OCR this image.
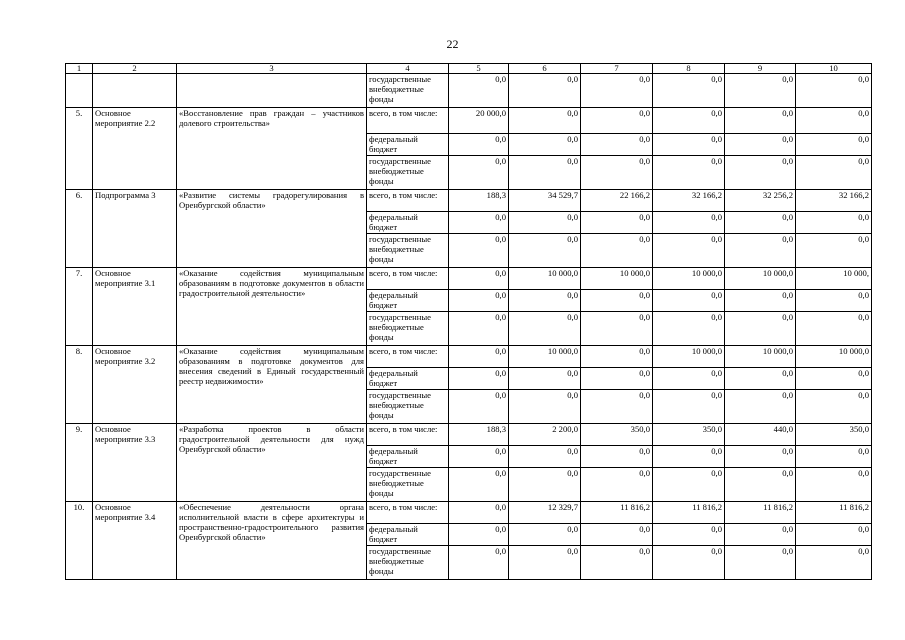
22
1	2	3	4	5	6	7	8	9	10
			государственные внебюджетные фонды	0,0	0,0	0,0	0,0	0,0	0,0
5.	Основное мероприятие 2.2	«Восстановление прав граждан – участников долевого строительства»	всего, в том числе:	20 000,0	0,0	0,0	0,0	0,0	0,0
			федеральный бюджет	0,0	0,0	0,0	0,0	0,0	0,0
			государственные внебюджетные фонды	0,0	0,0	0,0	0,0	0,0	0,0
6.	Подпрограмма 3	«Развитие системы градорегулирования в Оренбургской области»	всего, в том числе:	188,3	34 529,7	22 166,2	32 166,2	32 256,2	32 166,2
			федеральный бюджет	0,0	0,0	0,0	0,0	0,0	0,0
			государственные внебюджетные фонды	0,0	0,0	0,0	0,0	0,0	0,0
7.	Основное мероприятие 3.1	«Оказание содействия муниципальным образованиям в подготовке документов в области градостроительной деятельности»	всего, в том числе:	0,0	10 000,0	10 000,0	10 000,0	10 000,0	10 000,
			федеральный бюджет	0,0	0,0	0,0	0,0	0,0	0,0
			государственные внебюджетные фонды	0,0	0,0	0,0	0,0	0,0	0,0
8.	Основное мероприятие 3.2	«Оказание содействия муниципальным образованиям в подготовке документов для внесения сведений в Единый государственный реестр недвижимости»	всего, в том числе:	0,0	10 000,0	0,0	10 000,0	10 000,0	10 000,0
			федеральный бюджет	0,0	0,0	0,0	0,0	0,0	0,0
			государственные внебюджетные фонды	0,0	0,0	0,0	0,0	0,0	0,0
9.	Основное мероприятие 3.3	«Разработка проектов в области градостроительной деятельности для нужд Оренбургской области»	всего, в том числе:	188,3	2 200,0	350,0	350,0	440,0	350,0
			федеральный бюджет	0,0	0,0	0,0	0,0	0,0	0,0
			государственные внебюджетные фонды	0,0	0,0	0,0	0,0	0,0	0,0
10.	Основное мероприятие 3.4	«Обеспечение деятельности органа исполнительной власти в сфере архитектуры и пространственно-градостроительного развития Оренбургской области»	всего, в том числе:	0,0	12 329,7	11 816,2	11 816,2	11 816,2	11 816,2
			федеральный бюджет	0,0	0,0	0,0	0,0	0,0	0,0
			государственные внебюджетные фонды	0,0	0,0	0,0	0,0	0,0	0,0
